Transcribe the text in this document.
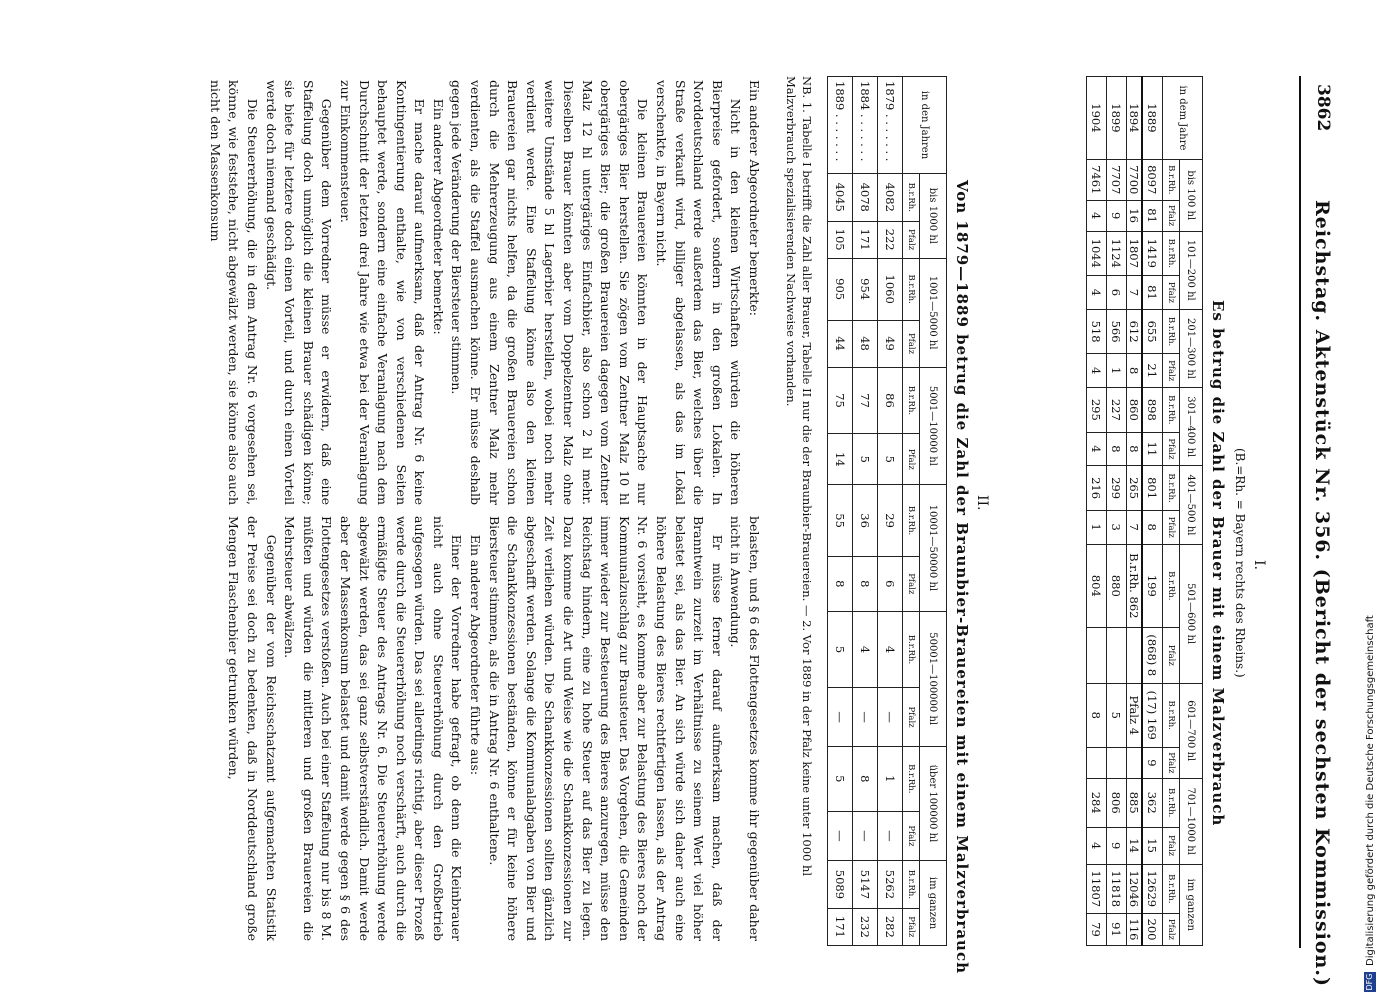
3862
Reichstag. Aktenstück Nr. 356. (Bericht der sechsten Kommission.)
I.
(B.=Rh. = Bayern rechts des Rheins.)
Es betrug die Zahl der Brauer mit einem Malzverbrauch
in dem Jahre	bis 100 hl		101—200 hl		201—300 hl		301—400 hl		401—500 hl		501—600 hl		601—700 hl		701—1000 hl		im ganzen	
	B.r.Rh.	Pfalz	B.r.Rh.	Pfalz	B.r.Rh.	Pfalz	B.r.Rh.	Pfalz	B.r.Rh.	Pfalz	B.r.Rh.	Pfalz	B.r.Rh.	Pfalz	B.r.Rh.	Pfalz	B.r.Rh.	Pfalz
1889	8097	81	1419	81	655	21	898	11	801	8	199	(868) 8	(17) 169	9	362	15	12629	200
1894	7700	16	1807	7	612	8	860	8	265	7	B.r.Rh. 862		Pfalz 4		885	14	12046	116
1899	7707	9	1124	6	566	1	227	8	299	3	880		5		806	9	11818	91
1904	7461	4	1044	4	518	4	295	4	216	1	804		8		284	4	11807	79
II.
Von 1879—1889 betrug die Zahl der Braunbier-Brauereien mit einem Malzverbrauch
in den Jahren	bis 1000 hl		1001—5000 hl		5001—10000 hl		10001—50000 hl		50001—100000 hl		über 100000 hl		im ganzen	
	B.r.Rh.	Pfalz	B.r.Rh.	Pfalz	B.r.Rh.	Pfalz	B.r.Rh.	Pfalz	B.r.Rh.	Pfalz	B.r.Rh.	Pfalz	B.r.Rh.	Pfalz
1879 . . . . . . .	4082	222	1060	49	86	5	29	6	4	—	1	—	5262	282
1884 . . . . . . .	4078	171	954	48	77	5	36	8	4	—	8	—	5147	232
1889 . . . . . . .	4045	105	905	44	75	14	55	8	5	—	5	—	5089	171
NB. 1. Tabelle I betrifft die Zahl aller Brauer, Tabelle II nur die der Braunbier-Brauereien. — 2. Vor 1889 in der Pfalz keine unter 1000 hl Malzverbrauch spezialisierenden Nachweise vorhanden.

Ein anderer Abgeordneter bemerkte:

Nicht in den kleinen Wirtschaften würden die höheren Bierpreise gefordert, sondern in den großen Lokalen. In Norddeutschland werde außerdem das Bier, welches über die Straße verkauft wird, billiger abgelassen, als das im Lokal verschenkte, in Bayern nicht.

Die kleinen Brauereien könnten in der Hauptsache nur obergäriges Bier herstellen. Sie zögen vom Zentner Malz 10 hl obergäriges Bier; die großen Brauereien dagegen vom Zentner Malz 12 hl untergäriges Einfachbier, also schon 2 hl mehr. Dieselben Brauer könnten aber vom Doppelzentner Malz ohne weitere Umstände 5 hl Lagerbier herstellen, wobei noch mehr verdient werde. Eine Staffelung könne also den kleinen Brauereien gar nichts helfen, da die großen Brauereien schon durch die Mehrerzeugung aus einem Zentner Malz mehr verdienten, als die Staffel ausmachen könne. Er müsse deshalb gegen jede Veränderung der Biersteuer stimmen.

Ein anderer Abgeordneter bemerkte:

Er mache darauf aufmerksam, daß der Antrag Nr. 6 keine Kontingentierung enthalte, wie von verschiedenen Seiten behauptet werde, sondern eine einfache Veranlagung nach dem Durchschnitt der letzten drei Jahre wie etwa bei der Veranlagung zur Einkommensteuer.

Gegenüber dem Vorredner müsse er erwidern, daß eine Staffelung doch unmöglich die kleinen Brauer schädigen könne; sie biete für letztere doch einen Vorteil, und durch einen Vorteil werde doch niemand geschädigt.

Die Steuererhöhung, die in dem Antrag Nr. 6 vorgesehen sei, könne, wie feststehe, nicht abgewälzt werden, sie könne also auch nicht den Massenkonsum

belasten, und § 6 des Flottengesetzes komme ihr gegenüber daher nicht in Anwendung.

Er müsse ferner darauf aufmerksam machen, daß der Branntwein zurzeit im Verhältnisse zu seinem Wert viel höher belastet sei, als das Bier. An sich würde sich daher auch eine höhere Belastung des Bieres rechtfertigen lassen, als der Antrag Nr. 6 vorsieht, es komme aber zur Belastung des Bieres noch der Kommunalzuschlag zur Brausteuer. Das Vorgehen, die Gemeinden immer wieder zur Besteuerung des Bieres anzuregen, müsse den Reichstag hindern, eine zu hohe Steuer auf das Bier zu legen. Dazu komme die Art und Weise wie die Schankkonzessionen zur Zeit verliehen würden. Die Schankkonzessionen sollten gänzlich abgeschafft werden. Solange die Kommunalabgaben von Bier und die Schankkonzessionen beständen, könne er für keine höhere Biersteuer stimmen, als die in Antrag Nr. 6 enthaltene.

Ein anderer Abgeordneter führte aus:

Einer der Vorredner habe gefragt, ob denn die Kleinbrauer nicht auch ohne Steuererhöhung durch den Großbetrieb aufgesogen würden. Das sei allerdings richtig, aber dieser Prozeß werde durch die Steuererhöhung noch verschärft, auch durch die ermäßigte Steuer des Antrags Nr. 6. Die Steuererhöhung werde abgewälzt werden, das sei ganz selbstverständlich. Damit werde aber der Massenkonsum belastet und damit werde gegen § 6 des Flottengesetzes verstoßen. Auch bei einer Staffelung nur bis 8 M. müßten und würden die mittleren und großen Brauereien die Mehrsteuer abwälzen.

Gegenüber der vom Reichsschatzamt aufgemachten Statistik der Preise sei doch zu bedenken, daß in Norddeutschland große Mengen Flaschenbier getrunken würden,

DFGDigitalisierung gefördert durch die Deutsche Forschungsgemeinschaft
